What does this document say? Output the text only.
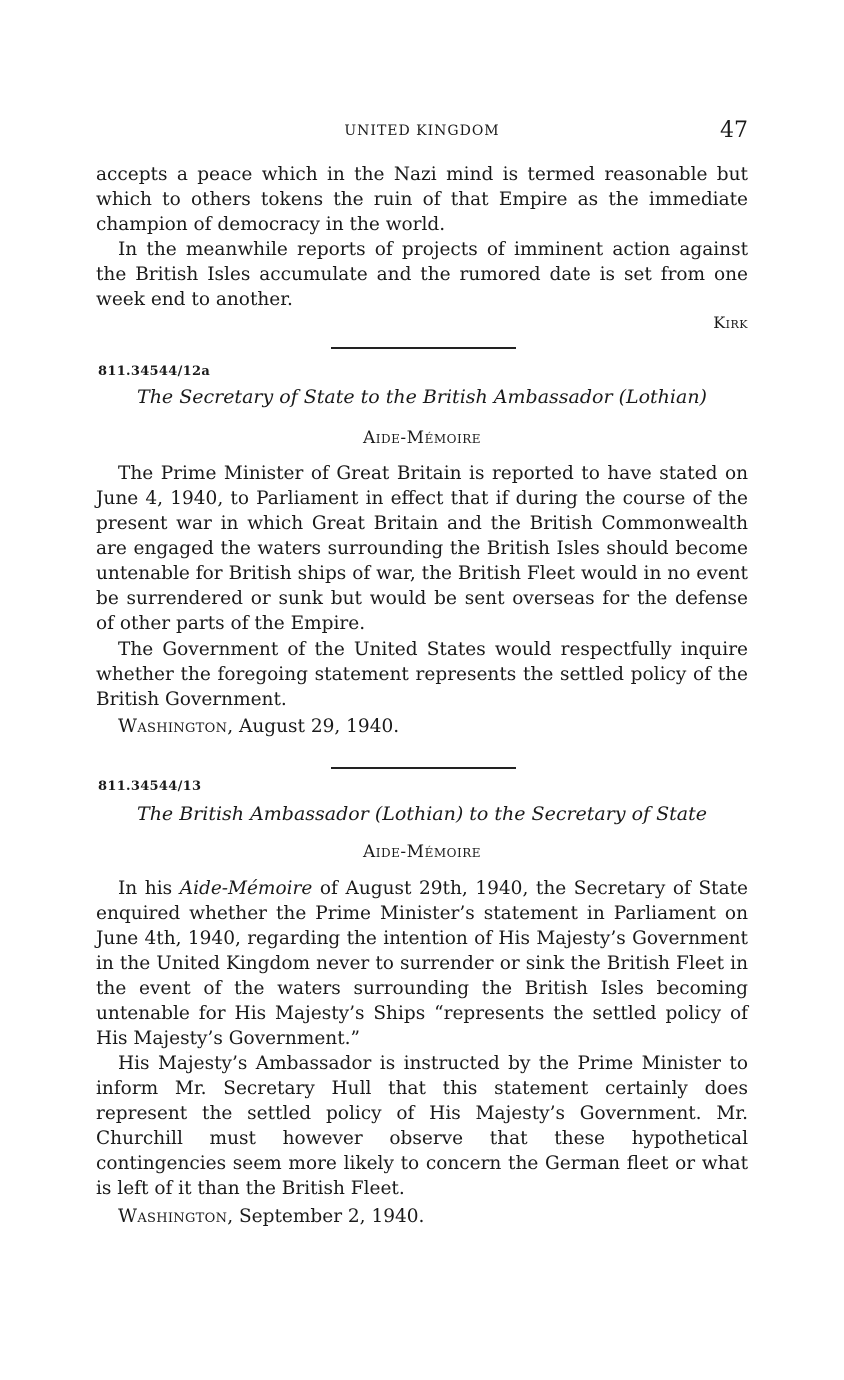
UNITED KINGDOM	47

accepts a peace which in the Nazi mind is termed reasonable but which to others tokens the ruin of that Empire as the immediate champion of democracy in the world.

In the meanwhile reports of projects of imminent action against the British Isles accumulate and the rumored date is set from one week end to another.

Kirk
811.34544/12a
The Secretary of State to the British Ambassador (Lothian)
Aide-Mémoire

The Prime Minister of Great Britain is reported to have stated on June 4, 1940, to Parliament in effect that if during the course of the present war in which Great Britain and the British Commonwealth are engaged the waters surrounding the British Isles should become untenable for British ships of war, the British Fleet would in no event be surrendered or sunk but would be sent overseas for the defense of other parts of the Empire.

The Government of the United States would respectfully inquire whether the foregoing statement represents the settled policy of the British Government.

Washington, August 29, 1940.
811.34544/13
The British Ambassador (Lothian) to the Secretary of State
Aide-Mémoire

In his Aide-Mémoire of August 29th, 1940, the Secretary of State enquired whether the Prime Minister’s statement in Parliament on June 4th, 1940, regarding the intention of His Majesty’s Government in the United Kingdom never to surrender or sink the British Fleet in the event of the waters surrounding the British Isles becoming untenable for His Majesty’s Ships “represents the settled policy of His Majesty’s Government.”

His Majesty’s Ambassador is instructed by the Prime Minister to inform Mr. Secretary Hull that this statement certainly does represent the settled policy of His Majesty’s Government. Mr. Churchill must however observe that these hypothetical contingencies seem more likely to concern the German fleet or what is left of it than the British Fleet.

Washington, September 2, 1940.
